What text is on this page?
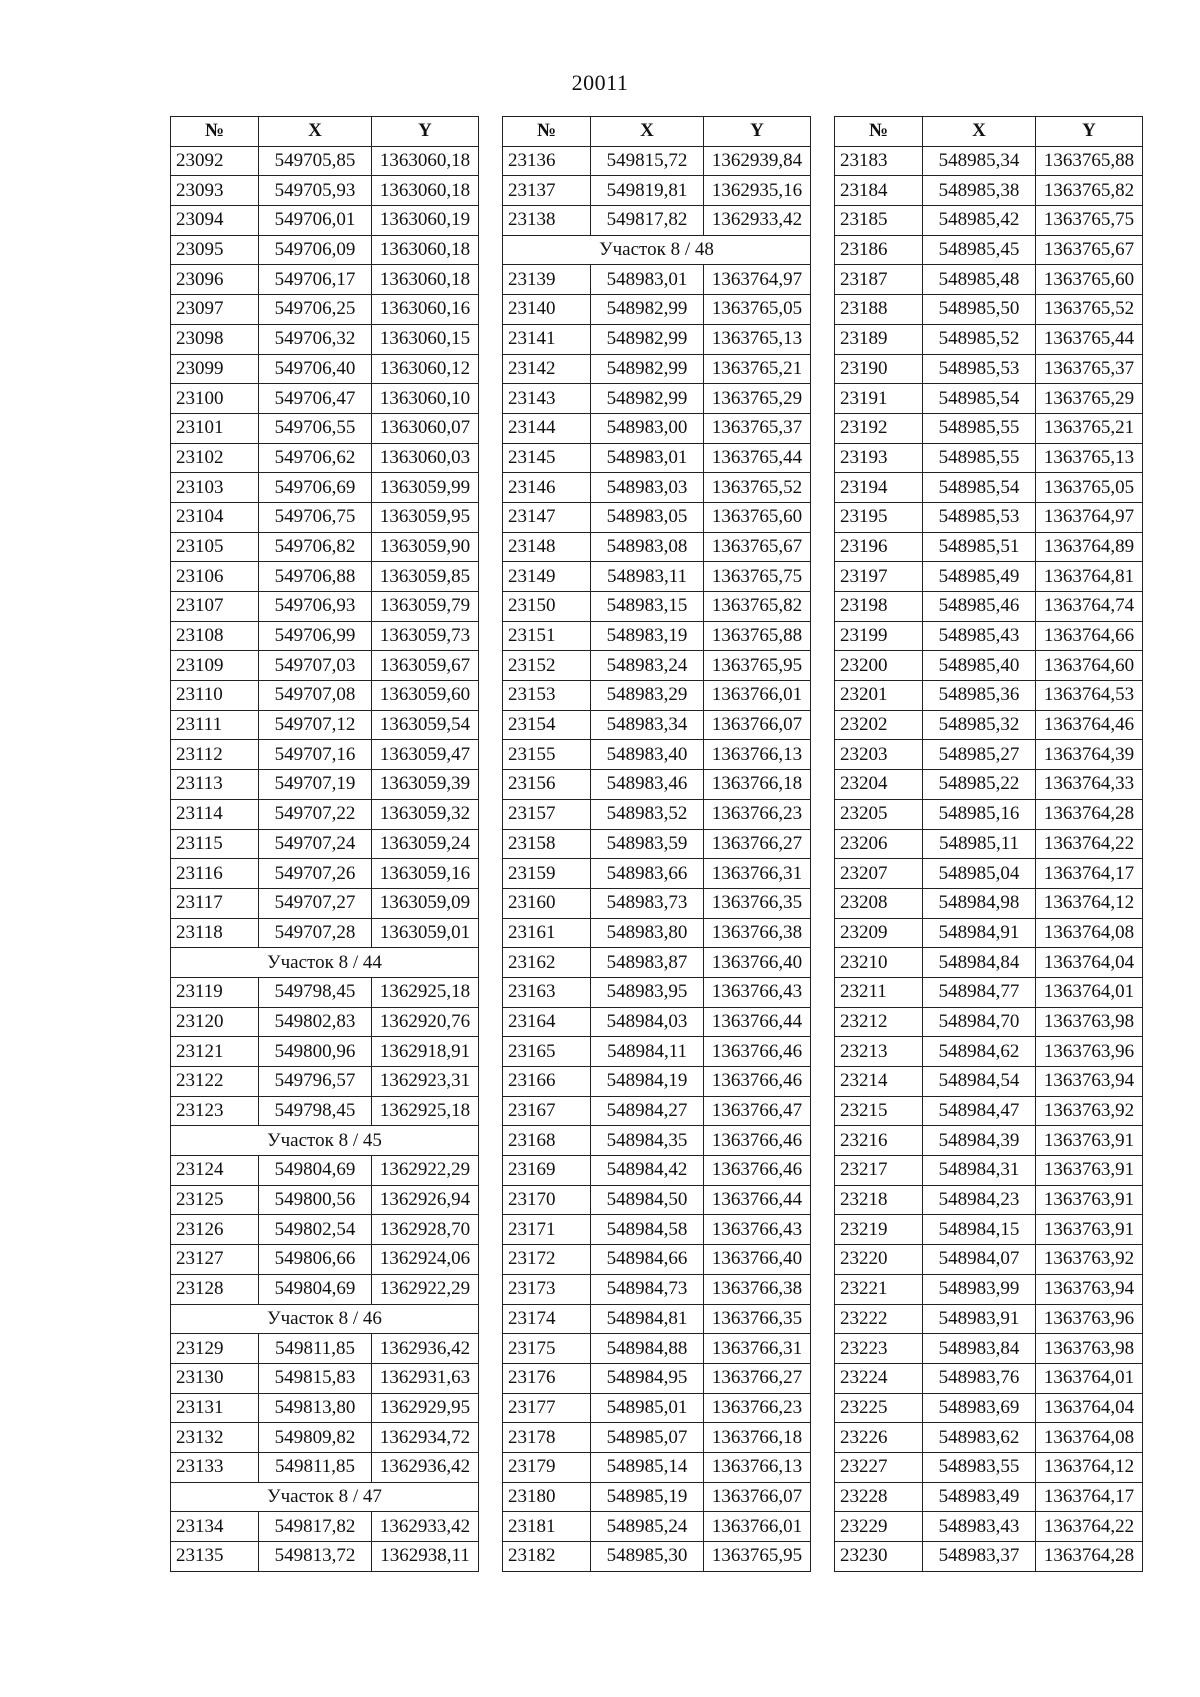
20011
№	X	Y
23092	549705,85	1363060,18
23093	549705,93	1363060,18
23094	549706,01	1363060,19
23095	549706,09	1363060,18
23096	549706,17	1363060,18
23097	549706,25	1363060,16
23098	549706,32	1363060,15
23099	549706,40	1363060,12
23100	549706,47	1363060,10
23101	549706,55	1363060,07
23102	549706,62	1363060,03
23103	549706,69	1363059,99
23104	549706,75	1363059,95
23105	549706,82	1363059,90
23106	549706,88	1363059,85
23107	549706,93	1363059,79
23108	549706,99	1363059,73
23109	549707,03	1363059,67
23110	549707,08	1363059,60
23111	549707,12	1363059,54
23112	549707,16	1363059,47
23113	549707,19	1363059,39
23114	549707,22	1363059,32
23115	549707,24	1363059,24
23116	549707,26	1363059,16
23117	549707,27	1363059,09
23118	549707,28	1363059,01
Участок 8 / 44		
23119	549798,45	1362925,18
23120	549802,83	1362920,76
23121	549800,96	1362918,91
23122	549796,57	1362923,31
23123	549798,45	1362925,18
Участок 8 / 45		
23124	549804,69	1362922,29
23125	549800,56	1362926,94
23126	549802,54	1362928,70
23127	549806,66	1362924,06
23128	549804,69	1362922,29
Участок 8 / 46		
23129	549811,85	1362936,42
23130	549815,83	1362931,63
23131	549813,80	1362929,95
23132	549809,82	1362934,72
23133	549811,85	1362936,42
Участок 8 / 47		
23134	549817,82	1362933,42
23135	549813,72	1362938,11
№	X	Y
23136	549815,72	1362939,84
23137	549819,81	1362935,16
23138	549817,82	1362933,42
Участок 8 / 48		
23139	548983,01	1363764,97
23140	548982,99	1363765,05
23141	548982,99	1363765,13
23142	548982,99	1363765,21
23143	548982,99	1363765,29
23144	548983,00	1363765,37
23145	548983,01	1363765,44
23146	548983,03	1363765,52
23147	548983,05	1363765,60
23148	548983,08	1363765,67
23149	548983,11	1363765,75
23150	548983,15	1363765,82
23151	548983,19	1363765,88
23152	548983,24	1363765,95
23153	548983,29	1363766,01
23154	548983,34	1363766,07
23155	548983,40	1363766,13
23156	548983,46	1363766,18
23157	548983,52	1363766,23
23158	548983,59	1363766,27
23159	548983,66	1363766,31
23160	548983,73	1363766,35
23161	548983,80	1363766,38
23162	548983,87	1363766,40
23163	548983,95	1363766,43
23164	548984,03	1363766,44
23165	548984,11	1363766,46
23166	548984,19	1363766,46
23167	548984,27	1363766,47
23168	548984,35	1363766,46
23169	548984,42	1363766,46
23170	548984,50	1363766,44
23171	548984,58	1363766,43
23172	548984,66	1363766,40
23173	548984,73	1363766,38
23174	548984,81	1363766,35
23175	548984,88	1363766,31
23176	548984,95	1363766,27
23177	548985,01	1363766,23
23178	548985,07	1363766,18
23179	548985,14	1363766,13
23180	548985,19	1363766,07
23181	548985,24	1363766,01
23182	548985,30	1363765,95
№	X	Y
23183	548985,34	1363765,88
23184	548985,38	1363765,82
23185	548985,42	1363765,75
23186	548985,45	1363765,67
23187	548985,48	1363765,60
23188	548985,50	1363765,52
23189	548985,52	1363765,44
23190	548985,53	1363765,37
23191	548985,54	1363765,29
23192	548985,55	1363765,21
23193	548985,55	1363765,13
23194	548985,54	1363765,05
23195	548985,53	1363764,97
23196	548985,51	1363764,89
23197	548985,49	1363764,81
23198	548985,46	1363764,74
23199	548985,43	1363764,66
23200	548985,40	1363764,60
23201	548985,36	1363764,53
23202	548985,32	1363764,46
23203	548985,27	1363764,39
23204	548985,22	1363764,33
23205	548985,16	1363764,28
23206	548985,11	1363764,22
23207	548985,04	1363764,17
23208	548984,98	1363764,12
23209	548984,91	1363764,08
23210	548984,84	1363764,04
23211	548984,77	1363764,01
23212	548984,70	1363763,98
23213	548984,62	1363763,96
23214	548984,54	1363763,94
23215	548984,47	1363763,92
23216	548984,39	1363763,91
23217	548984,31	1363763,91
23218	548984,23	1363763,91
23219	548984,15	1363763,91
23220	548984,07	1363763,92
23221	548983,99	1363763,94
23222	548983,91	1363763,96
23223	548983,84	1363763,98
23224	548983,76	1363764,01
23225	548983,69	1363764,04
23226	548983,62	1363764,08
23227	548983,55	1363764,12
23228	548983,49	1363764,17
23229	548983,43	1363764,22
23230	548983,37	1363764,28
